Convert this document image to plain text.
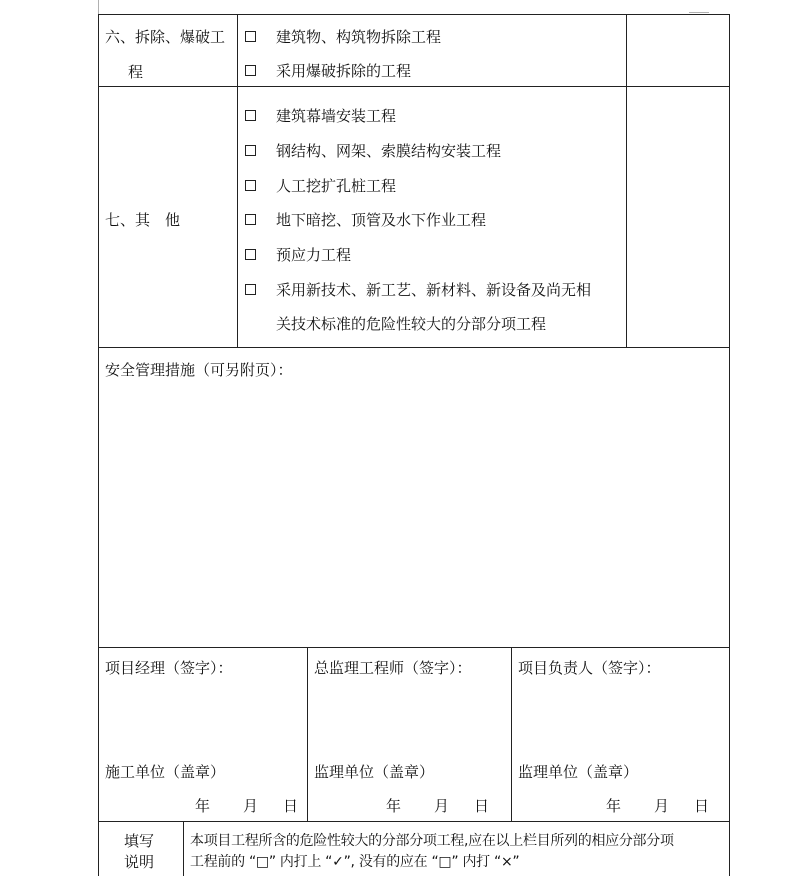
六、拆除、爆破工
程
建筑物、构筑物拆除工程
采用爆破拆除的工程
七、其　他
建筑幕墙安装工程
钢结构、网架、索膜结构安装工程
人工挖扩孔桩工程
地下暗挖、顶管及水下作业工程
预应力工程
采用新技术、新工艺、新材料、新设备及尚无相
关技术标准的危险性较大的分部分项工程
安全管理措施（可另附页）：
项目经理（签字）：
施工单位（盖章）
年 月 日
总监理工程师（签字）：
监理单位（盖章）
年 月 日
项目负责人（签字）：
监理单位（盖章）
年 月 日
填写
说明
本项目工程所含的危险性较大的分部分项工程,应在以上栏目所列的相应分部分项
工程前的 “□” 内打上 “✓”, 没有的应在 “□” 内打 “×”
